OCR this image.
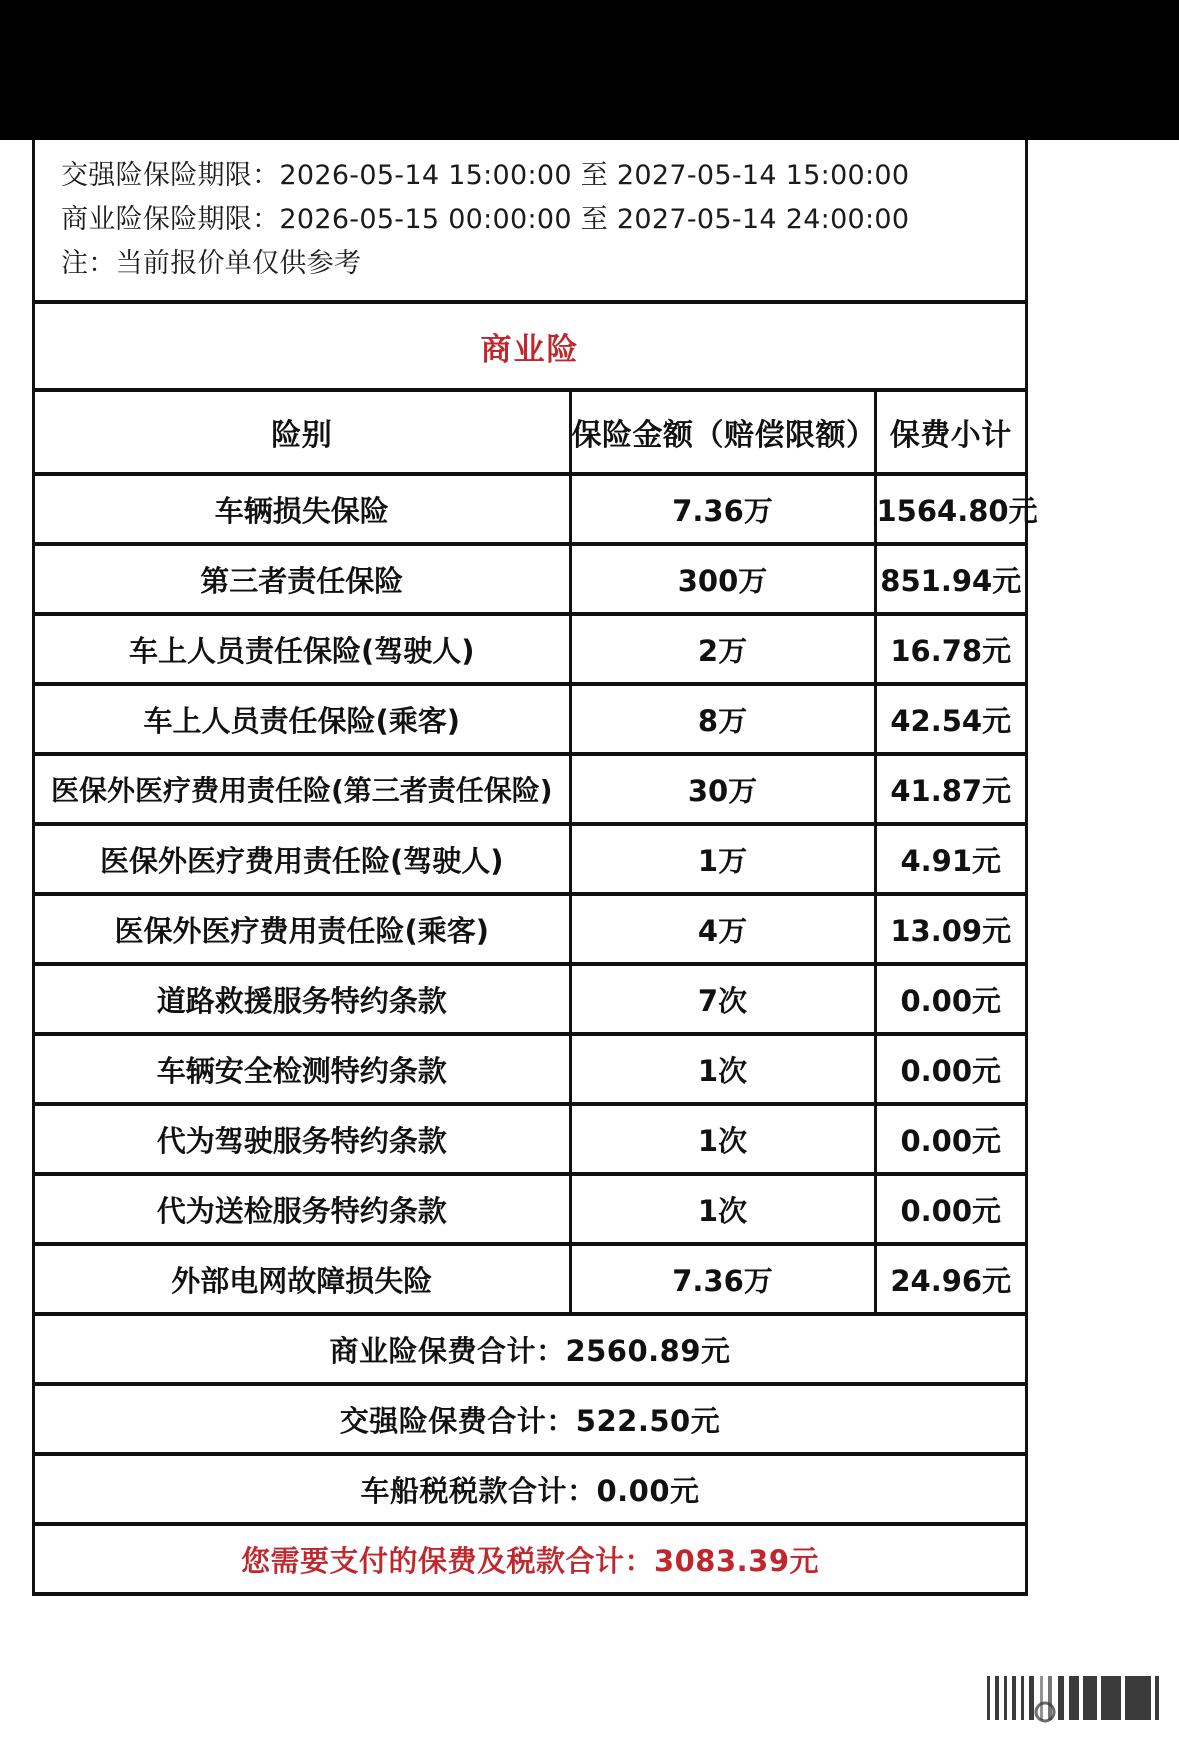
交强险保险期限：2026-05-14 15:00:00 至 2027-05-14 15:00:00
商业险保险期限：2026-05-15 00:00:00 至 2027-05-14 24:00:00
注：当前报价单仅供参考
商业险
险别	保险金额（赔偿限额）	保费小计
车辆损失保险	7.36万	1564.80元
第三者责任保险	300万	851.94元
车上人员责任保险(驾驶人)	2万	16.78元
车上人员责任保险(乘客)	8万	42.54元
医保外医疗费用责任险(第三者责任保险)	30万	41.87元
医保外医疗费用责任险(驾驶人)	1万	4.91元
医保外医疗费用责任险(乘客)	4万	13.09元
道路救援服务特约条款	7次	0.00元
车辆安全检测特约条款	1次	0.00元
代为驾驶服务特约条款	1次	0.00元
代为送检服务特约条款	1次	0.00元
外部电网故障损失险	7.36万	24.96元
商业险保费合计：2560.89元		
交强险保费合计：522.50元		
车船税税款合计：0.00元		
您需要支付的保费及税款合计：3083.39元		
